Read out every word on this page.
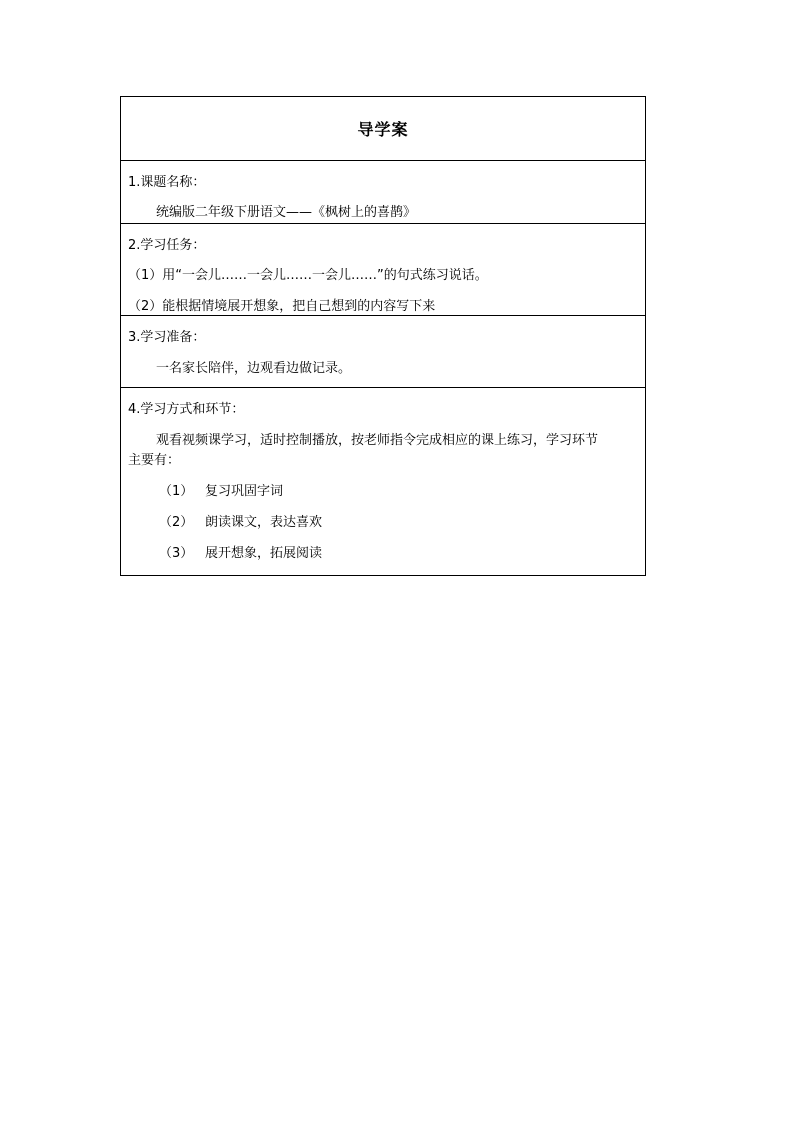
导学案
1.课题名称：
统编版二年级下册语文——《枫树上的喜鹊》
2.学习任务：
（1）用“一会儿……一会儿……一会儿……”的句式练习说话。
（2）能根据情境展开想象，把自己想到的内容写下来
3.学习准备：
一名家长陪伴，边观看边做记录。
4.学习方式和环节：
观看视频课学习，适时控制播放，按老师指令完成相应的课上练习，学习环节
主要有：
（1） 复习巩固字词
（2） 朗读课文，表达喜欢
（3） 展开想象，拓展阅读
